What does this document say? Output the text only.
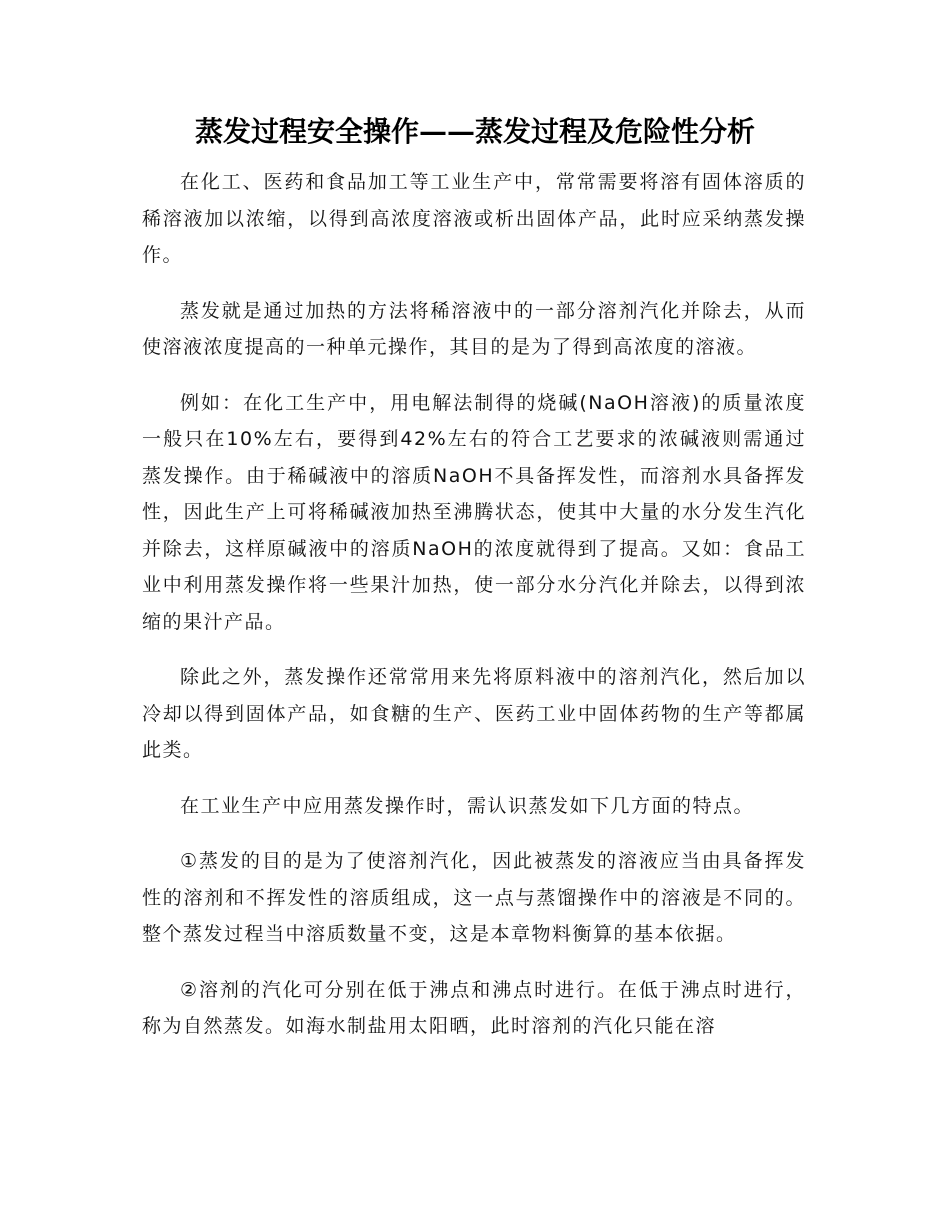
蒸发过程安全操作——蒸发过程及危险性分析

在化工、医药和食品加工等工业生产中，常常需要将溶有固体溶质的稀溶液加以浓缩，以得到高浓度溶液或析出固体产品，此时应采纳蒸发操作。

蒸发就是通过加热的方法将稀溶液中的一部分溶剂汽化并除去，从而使溶液浓度提高的一种单元操作，其目的是为了得到高浓度的溶液。

例如：在化工生产中，用电解法制得的烧碱(NaOH溶液)的质量浓度一般只在10%左右，要得到42%左右的符合工艺要求的浓碱液则需通过蒸发操作。由于稀碱液中的溶质NaOH不具备挥发性，而溶剂水具备挥发性，因此生产上可将稀碱液加热至沸腾状态，使其中大量的水分发生汽化并除去，这样原碱液中的溶质NaOH的浓度就得到了提高。又如：食品工业中利用蒸发操作将一些果汁加热，使一部分水分汽化并除去，以得到浓缩的果汁产品。

除此之外，蒸发操作还常常用来先将原料液中的溶剂汽化，然后加以冷却以得到固体产品，如食糖的生产、医药工业中固体药物的生产等都属此类。

在工业生产中应用蒸发操作时，需认识蒸发如下几方面的特点。

①蒸发的目的是为了使溶剂汽化，因此被蒸发的溶液应当由具备挥发性的溶剂和不挥发性的溶质组成，这一点与蒸馏操作中的溶液是不同的。整个蒸发过程当中溶质数量不变，这是本章物料衡算的基本依据。

②溶剂的汽化可分别在低于沸点和沸点时进行。在低于沸点时进行，称为自然蒸发。如海水制盐用太阳晒，此时溶剂的汽化只能在溶
